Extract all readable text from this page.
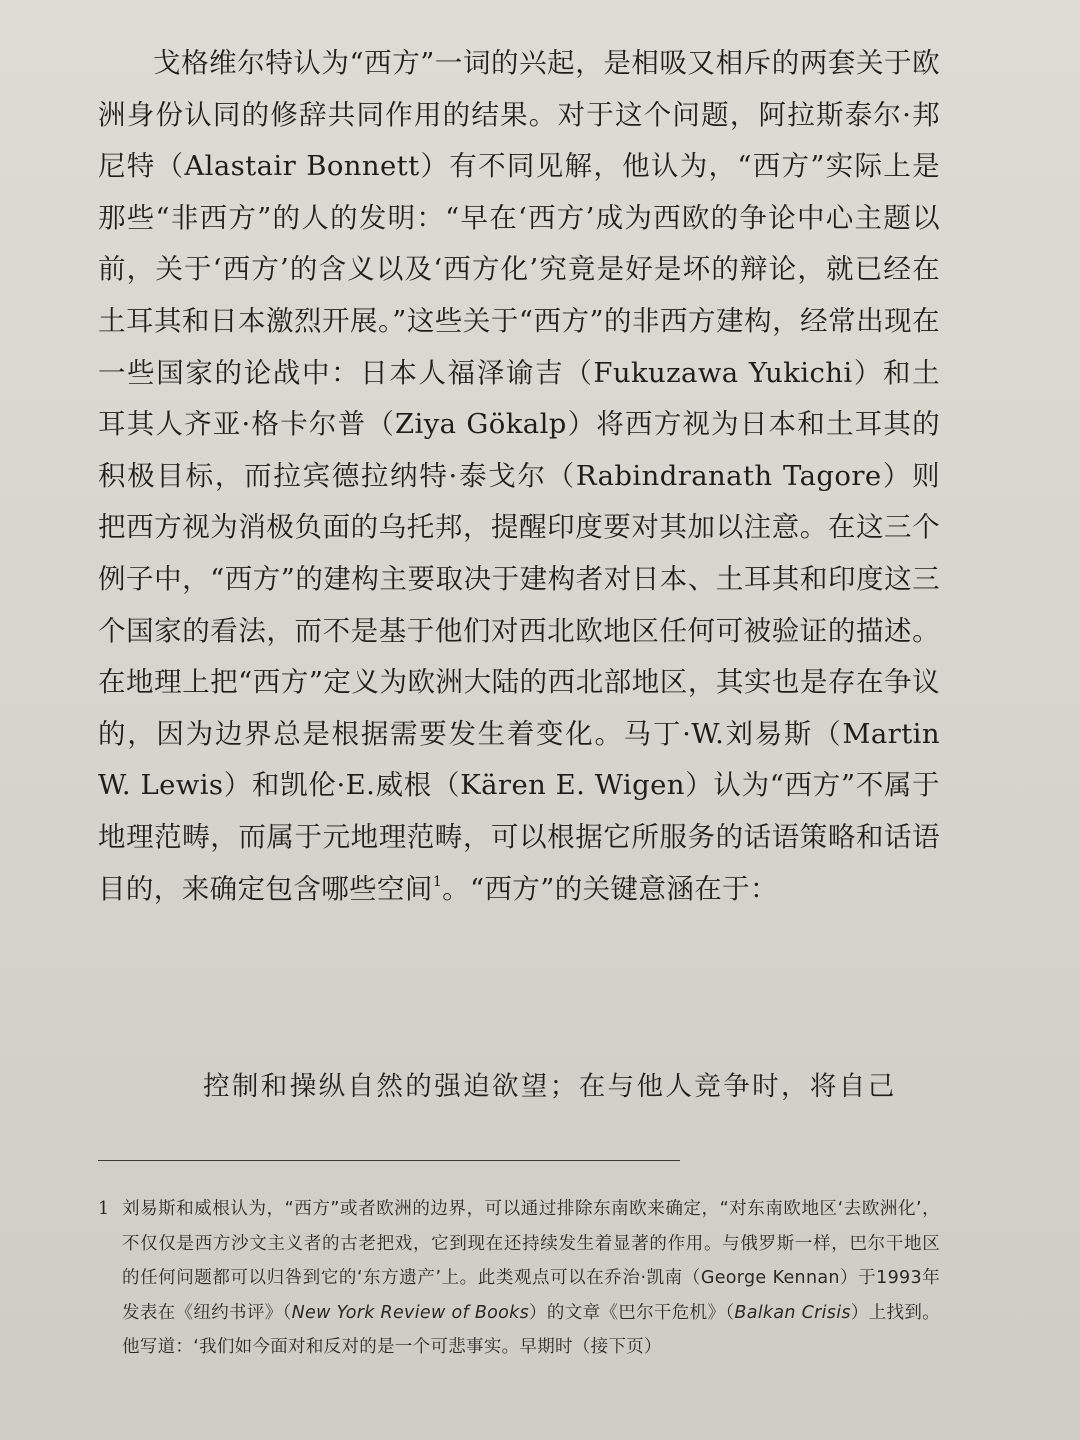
戈格维尔特认为“西方”一词的兴起，是相吸又相斥的两套关于欧洲身份认同的修辞共同作用的结果。对于这个问题，阿拉斯泰尔·邦尼特（Alastair Bonnett）有不同见解，他认为，“西方”实际上是那些“非西方”的人的发明：“早在‘西方’成为西欧的争论中心主题以前，关于‘西方’的含义以及‘西方化’究竟是好是坏的辩论，就已经在土耳其和日本激烈开展。”这些关于“西方”的非西方建构，经常出现在一些国家的论战中：日本人福泽谕吉（Fukuzawa Yukichi）和土耳其人齐亚·格卡尔普（Ziya Gökalp）将西方视为日本和土耳其的积极目标，而拉宾德拉纳特·泰戈尔（Rabindranath Tagore）则把西方视为消极负面的乌托邦，提醒印度要对其加以注意。在这三个例子中，“西方”的建构主要取决于建构者对日本、土耳其和印度这三个国家的看法，而不是基于他们对西北欧地区任何可被验证的描述。在地理上把“西方”定义为欧洲大陆的西北部地区，其实也是存在争议的，因为边界总是根据需要发生着变化。马丁·W.刘易斯（Martin W. Lewis）和凯伦·E.威根（Kären E. Wigen）认为“西方”不属于地理范畴，而属于元地理范畴，可以根据它所服务的话语策略和话语目的，来确定包含哪些空间$^1$。“西方”的关键意涵在于：

控制和操纵自然的强迫欲望；在与他人竞争时，将自己

1 刘易斯和威根认为，“西方”或者欧洲的边界，可以通过排除东南欧来确定，“对东南欧地区‘去欧洲化’，不仅仅是西方沙文主义者的古老把戏，它到现在还持续发生着显著的作用。与俄罗斯一样，巴尔干地区的任何问题都可以归咎到它的‘东方遗产’上。此类观点可以在乔治·凯南（George Kennan）于1993年发表在《纽约书评》（New York Review of Books）的文章《巴尔干危机》（Balkan Crisis）上找到。他写道：‘我们如今面对和反对的是一个可悲事实。早期时（接下页）
